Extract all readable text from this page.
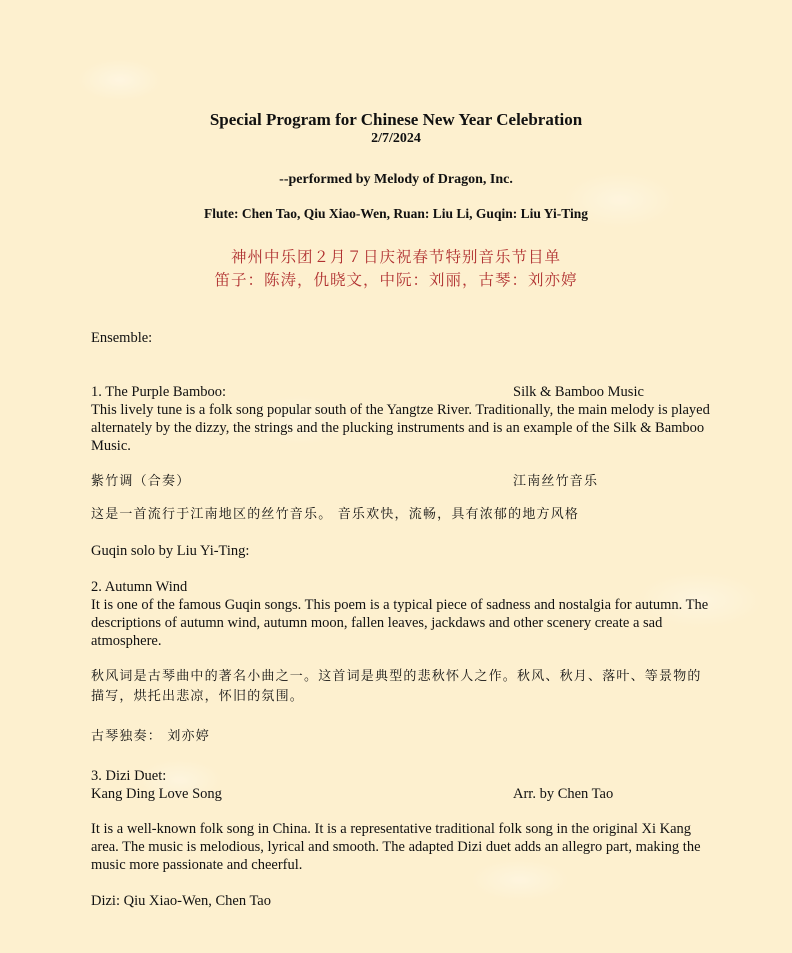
Special Program for Chinese New Year Celebration
2/7/2024
--performed by Melody of Dragon, Inc.
Flute: Chen Tao, Qiu Xiao-Wen, Ruan: Liu Li, Guqin: Liu Yi-Ting
神州中乐团２月７日庆祝春节特别音乐节目单
笛子：陈涛，仇晓文，中阮：刘丽，古琴：刘亦婷
Ensemble:
1. The Purple Bamboo:	Silk & Bamboo Music
This lively tune is a folk song popular south of the Yangtze River. Traditionally, the main melody is played alternately by the dizzy, the strings and the plucking instruments and is an example of the Silk & Bamboo Music.
紫竹调（合奏）	江南丝竹音乐
这是一首流行于江南地区的丝竹音乐。 音乐欢快，流畅，具有浓郁的地方风格
Guqin solo by Liu Yi-Ting:
2. Autumn Wind
It is one of the famous Guqin songs. This poem is a typical piece of sadness and nostalgia for autumn. The descriptions of autumn wind, autumn moon, fallen leaves, jackdaws and other scenery create a sad atmosphere.
秋风词是古琴曲中的著名小曲之一。这首词是典型的悲秋怀人之作。秋风、秋月、落叶、等景物的描写，烘托出悲凉，怀旧的氛围。
古琴独奏： 刘亦婷
3. Dizi Duet:
Kang Ding Love Song	Arr. by Chen Tao
It is a well-known folk song in China. It is a representative traditional folk song in the original Xi Kang area. The music is melodious, lyrical and smooth. The adapted Dizi duet adds an allegro part, making the music more passionate and cheerful.
Dizi: Qiu Xiao-Wen, Chen Tao
